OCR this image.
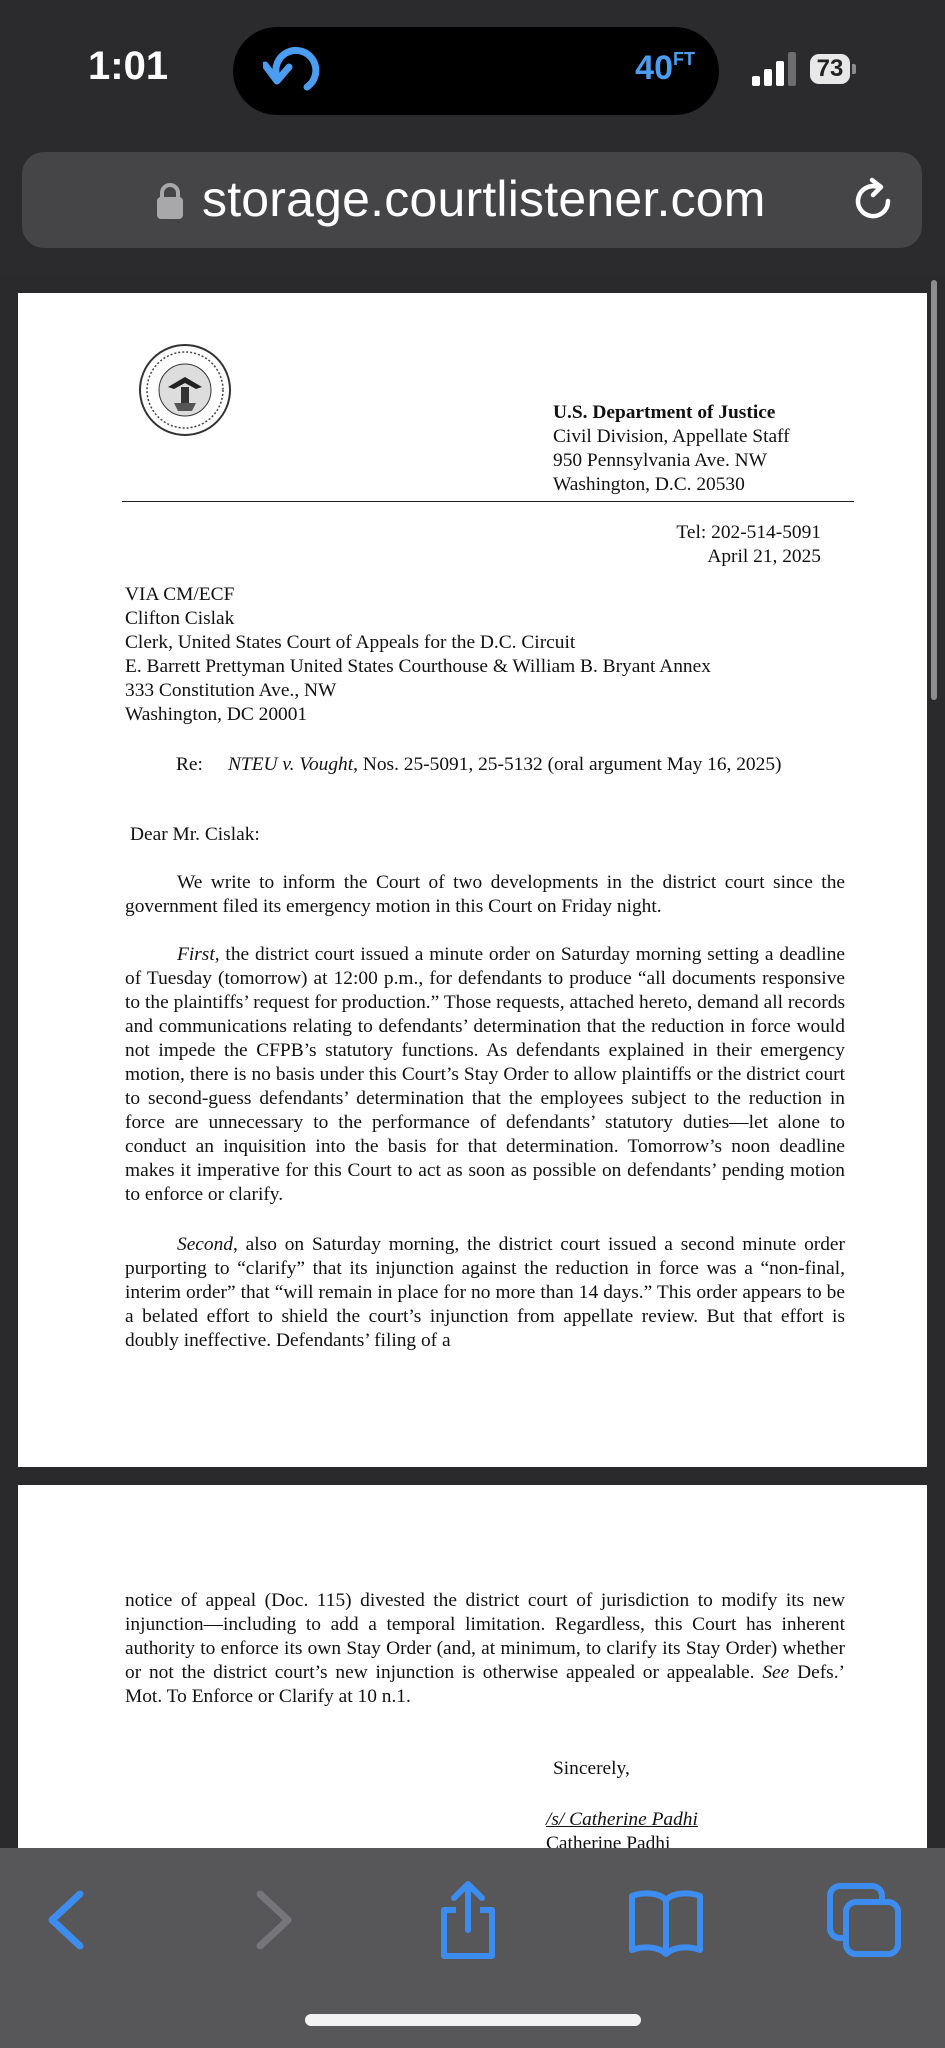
1:01	$40^{FT}$	73
storage.courtlistener.com
U.S. Department of Justice
Civil Division, Appellate Staff
950 Pennsylvania Ave. NW
Washington, D.C. 20530
Tel: 202-514-5091
April 21, 2025
VIA CM/ECF
Clifton Cislak
Clerk, United States Court of Appeals for the D.C. Circuit
E. Barrett Prettyman United States Courthouse & William B. Bryant Annex
333 Constitution Ave., NW
Washington, DC 20001
Re: NTEU v. Vought, Nos. 25-5091, 25-5132 (oral argument May 16, 2025)
Dear Mr. Cislak:
We write to inform the Court of two developments in the district court since the government filed its emergency motion in this Court on Friday night.
First, the district court issued a minute order on Saturday morning setting a deadline of Tuesday (tomorrow) at 12:00 p.m., for defendants to produce “all documents responsive to the plaintiffs’ request for production.” Those requests, attached hereto, demand all records and communications relating to defendants’ determination that the reduction in force would not impede the CFPB’s statutory functions. As defendants explained in their emergency motion, there is no basis under this Court’s Stay Order to allow plaintiffs or the district court to second-guess defendants’ determination that the employees subject to the reduction in force are unnecessary to the performance of defendants’ statutory duties—let alone to conduct an inquisition into the basis for that determination. Tomorrow’s noon deadline makes it imperative for this Court to act as soon as possible on defendants’ pending motion to enforce or clarify.
Second, also on Saturday morning, the district court issued a second minute order purporting to “clarify” that its injunction against the reduction in force was a “non-final, interim order” that “will remain in place for no more than 14 days.” This order appears to be a belated effort to shield the court’s injunction from appellate review. But that effort is doubly ineffective. Defendants’ filing of a
notice of appeal (Doc. 115) divested the district court of jurisdiction to modify its new injunction—including to add a temporal limitation. Regardless, this Court has inherent authority to enforce its own Stay Order (and, at minimum, to clarify its Stay Order) whether or not the district court’s new injunction is otherwise appealed or appealable. See Defs.’ Mot. To Enforce or Clarify at 10 n.1.
Sincerely,
/s/ Catherine Padhi
Catherine Padhi
